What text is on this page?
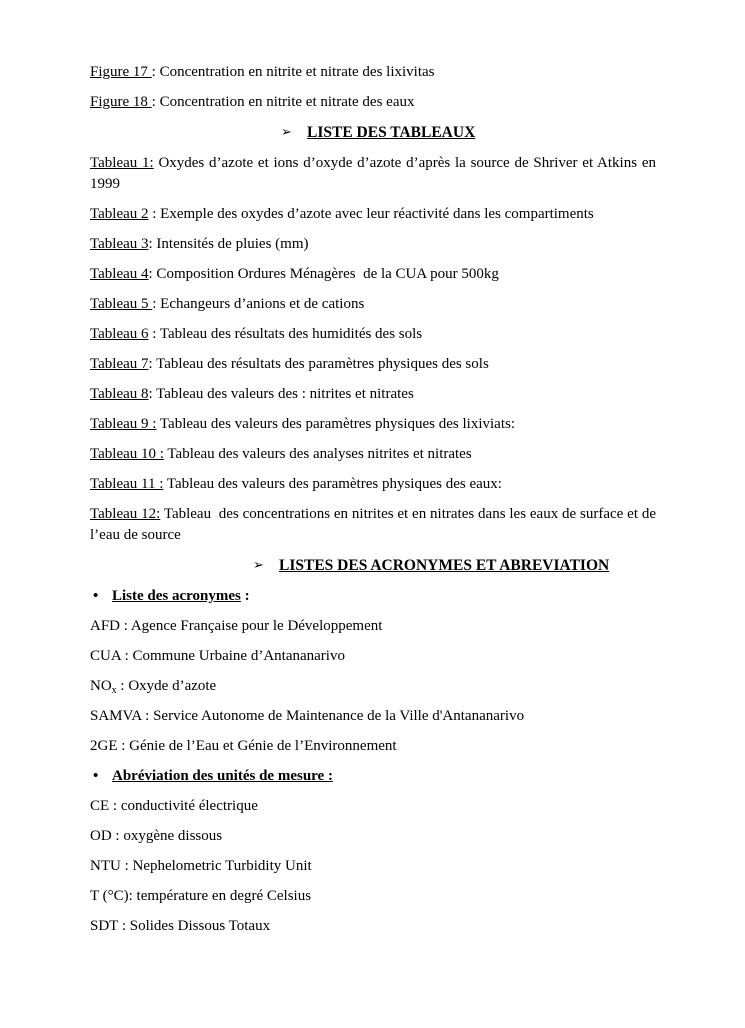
Figure 17 : Concentration en nitrite et nitrate des lixivitas

Figure 18 : Concentration en nitrite et nitrate des eaux

➢ LISTE DES TABLEAUX

Tableau 1: Oxydes d’azote et ions d’oxyde d’azote d’après la source de Shriver et Atkins en 1999

Tableau 2 : Exemple des oxydes d’azote avec leur réactivité dans les compartiments

Tableau 3: Intensités de pluies (mm)

Tableau 4: Composition Ordures Ménagères  de la CUA pour 500kg

Tableau 5 : Echangeurs d’anions et de cations

Tableau 6 : Tableau des résultats des humidités des sols

Tableau 7: Tableau des résultats des paramètres physiques des sols

Tableau 8: Tableau des valeurs des : nitrites et nitrates

Tableau 9 : Tableau des valeurs des paramètres physiques des lixiviats:

Tableau 10 : Tableau des valeurs des analyses nitrites et nitrates

Tableau 11 : Tableau des valeurs des paramètres physiques des eaux:

Tableau 12: Tableau  des concentrations en nitrites et en nitrates dans les eaux de surface et de l’eau de source

➢ LISTES DES ACRONYMES ET ABREVIATION

• Liste des acronymes :

AFD : Agence Française pour le Développement

CUA : Commune Urbaine d’Antananarivo

$NO_x$ : Oxyde d’azote

SAMVA : Service Autonome de Maintenance de la Ville d'Antananarivo

2GE : Génie de l’Eau et Génie de l’Environnement

• Abréviation des unités de mesure :

CE : conductivité électrique

OD : oxygène dissous

NTU : Nephelometric Turbidity Unit

T (°C): température en degré Celsius

SDT : Solides Dissous Totaux
